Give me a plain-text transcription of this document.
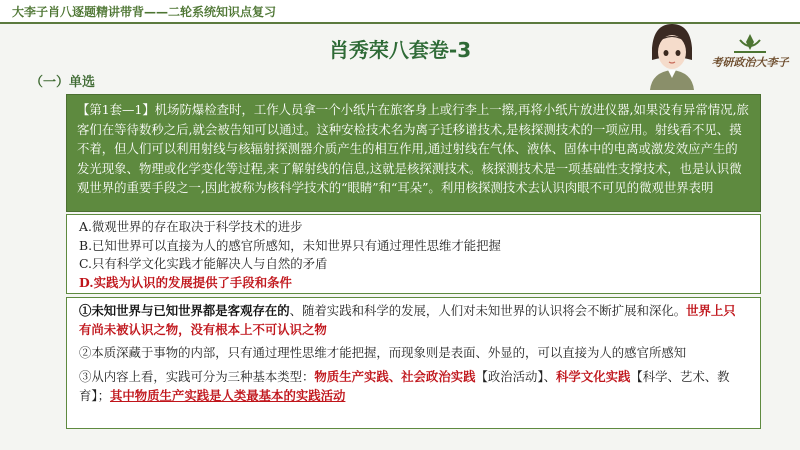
大李子肖八逐题精讲带背——二轮系统知识点复习
肖秀荣八套卷-3
（一）单选
考研政治大李子
【第1套—1】机场防爆检查时，工作人员拿一个小纸片在旅客身上或行李上一擦,再将小纸片放进仪器,如果没有异常情况,旅客们在等待数秒之后,就会被告知可以通过。这种安检技术名为离子迁移谱技术,是核探测技术的一项应用。射线看不见、摸不着，但人们可以利用射线与核辐射探测器介质产生的相互作用,通过射线在气体、液体、固体中的电离或激发效应产生的发光现象、物理或化学变化等过程,来了解射线的信息,这就是核探测技术。核探测技术是一项基础性支撑技术，也是认识微观世界的重要手段之一,因此被称为核科学技术的“眼睛”和“耳朵”。利用核探测技术去认识肉眼不可见的微观世界表明
A.微观世界的存在取决于科学技术的进步
B.已知世界可以直接为人的感官所感知，未知世界只有通过理性思维才能把握
C.只有科学文化实践才能解决人与自然的矛盾
D.实践为认识的发展提供了手段和条件

①未知世界与已知世界都是客观存在的、随着实践和科学的发展，人们对未知世界的认识将会不断扩展和深化。世界上只有尚未被认识之物，没有根本上不可认识之物

②本质深藏于事物的内部，只有通过理性思维才能把握，而现象则是表面、外显的，可以直接为人的感官所感知

③从内容上看，实践可分为三种基本类型：物质生产实践、社会政治实践【政治活动】、科学文化实践【科学、艺术、教育】；其中物质生产实践是人类最基本的实践活动
